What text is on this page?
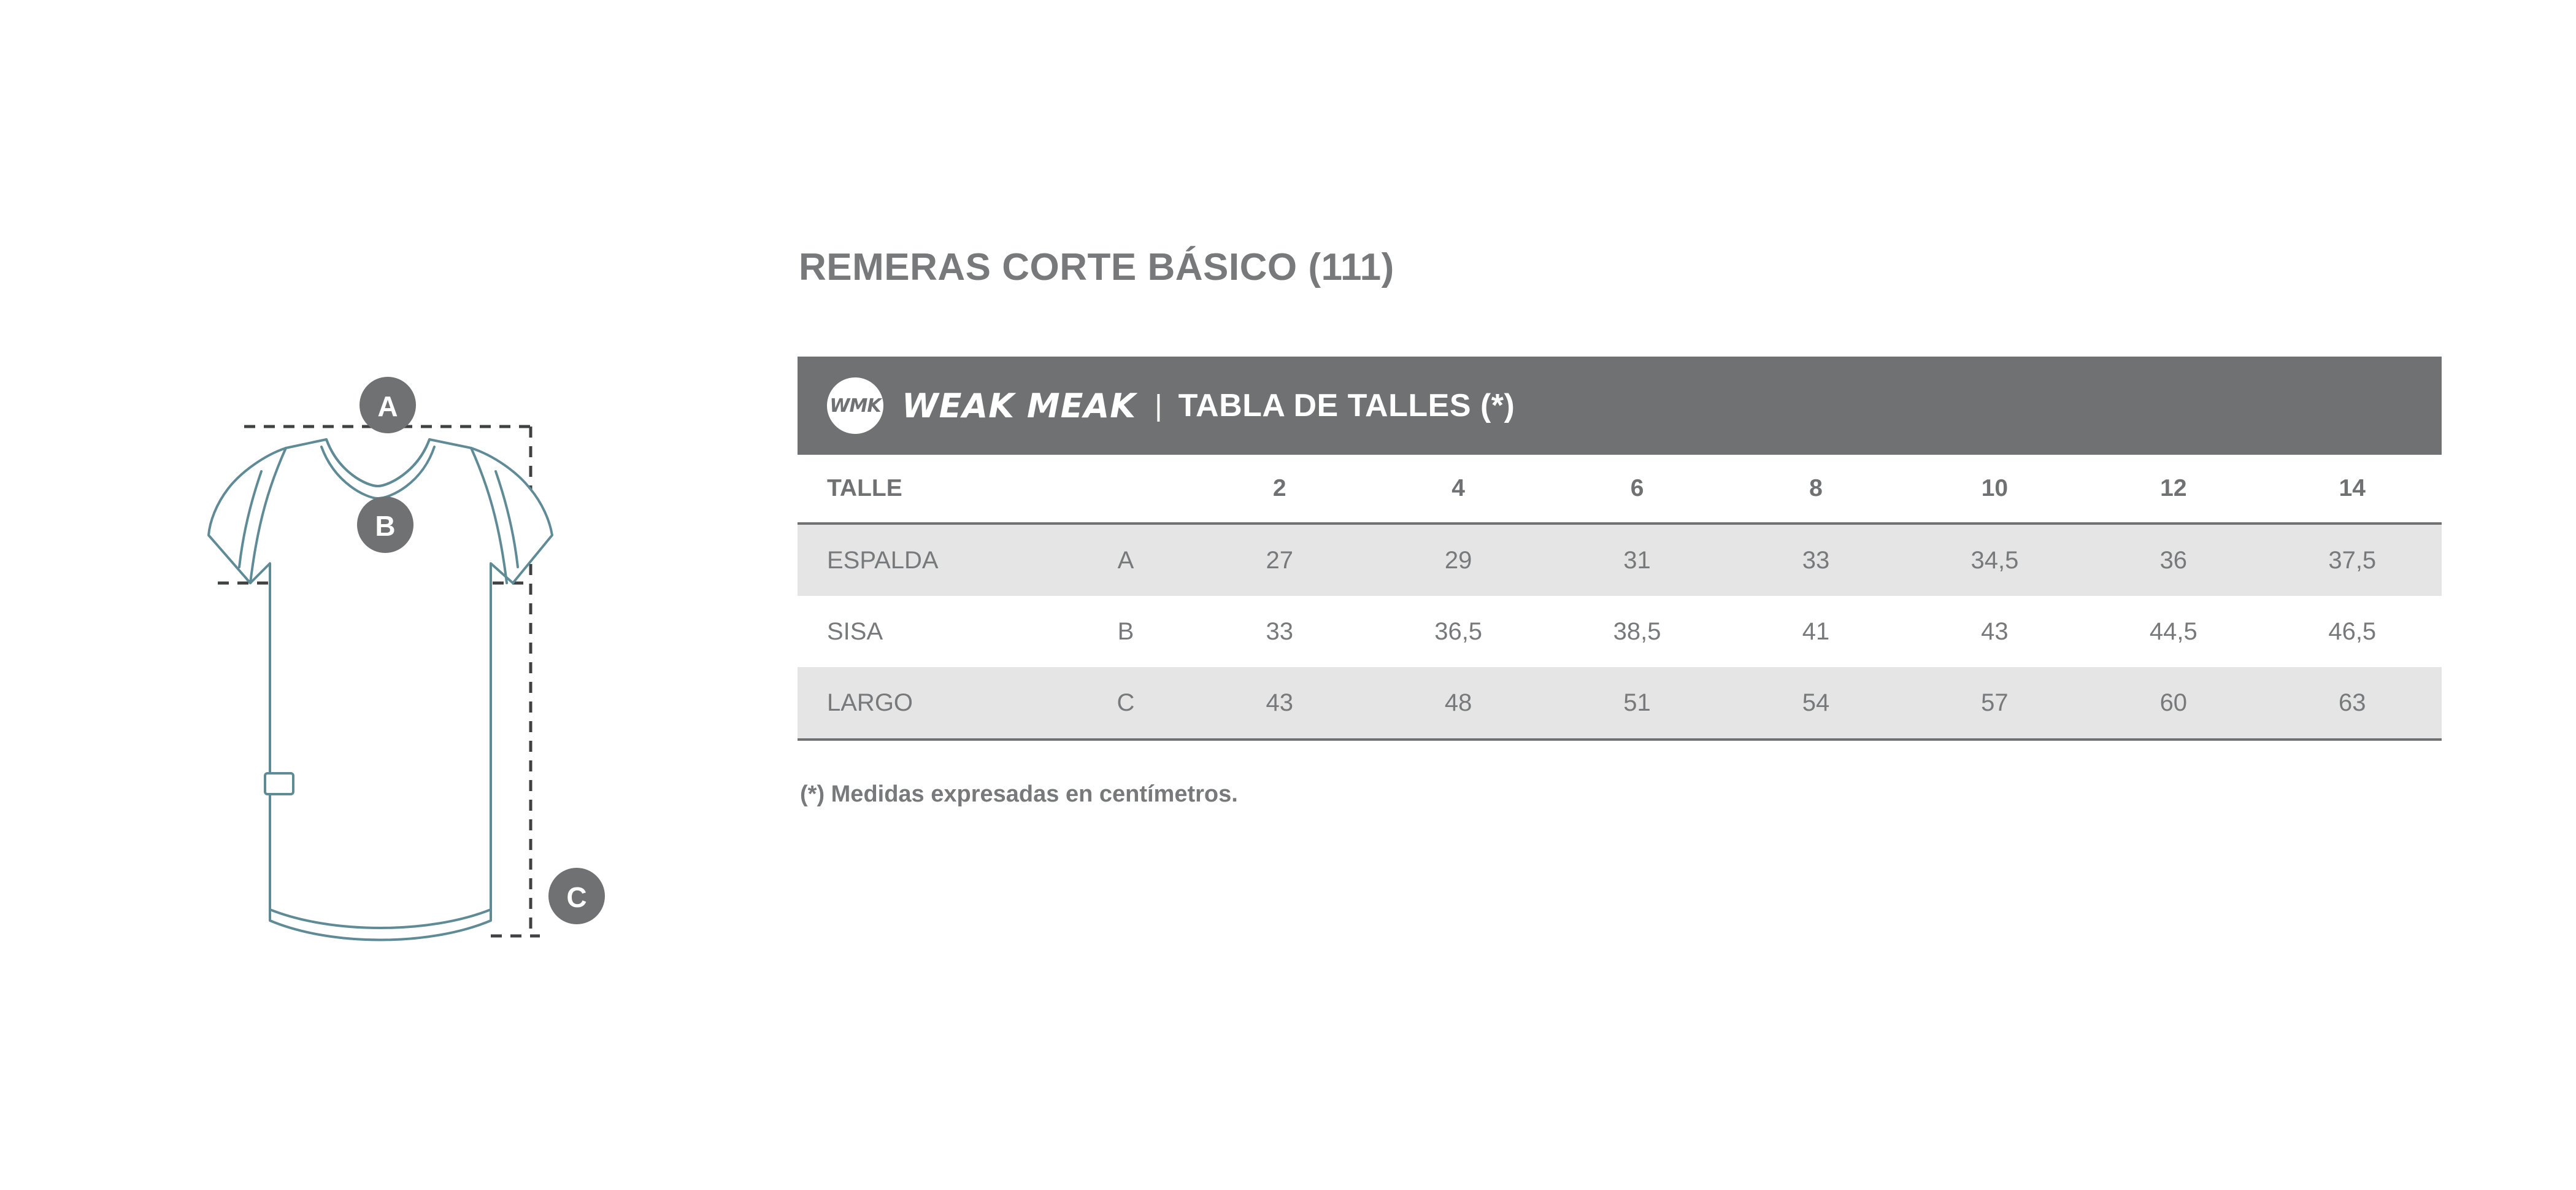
A
B
C
REMERAS CORTE BÁSICO (111)
WMK WEAK MEAK | TABLA DE TALLES (*)
TALLE		2	4	6	8	10	12	14
ESPALDA	A	27	29	31	33	34,5	36	37,5
SISA	B	33	36,5	38,5	41	43	44,5	46,5
LARGO	C	43	48	51	54	57	60	63
(*) Medidas expresadas en centímetros.
